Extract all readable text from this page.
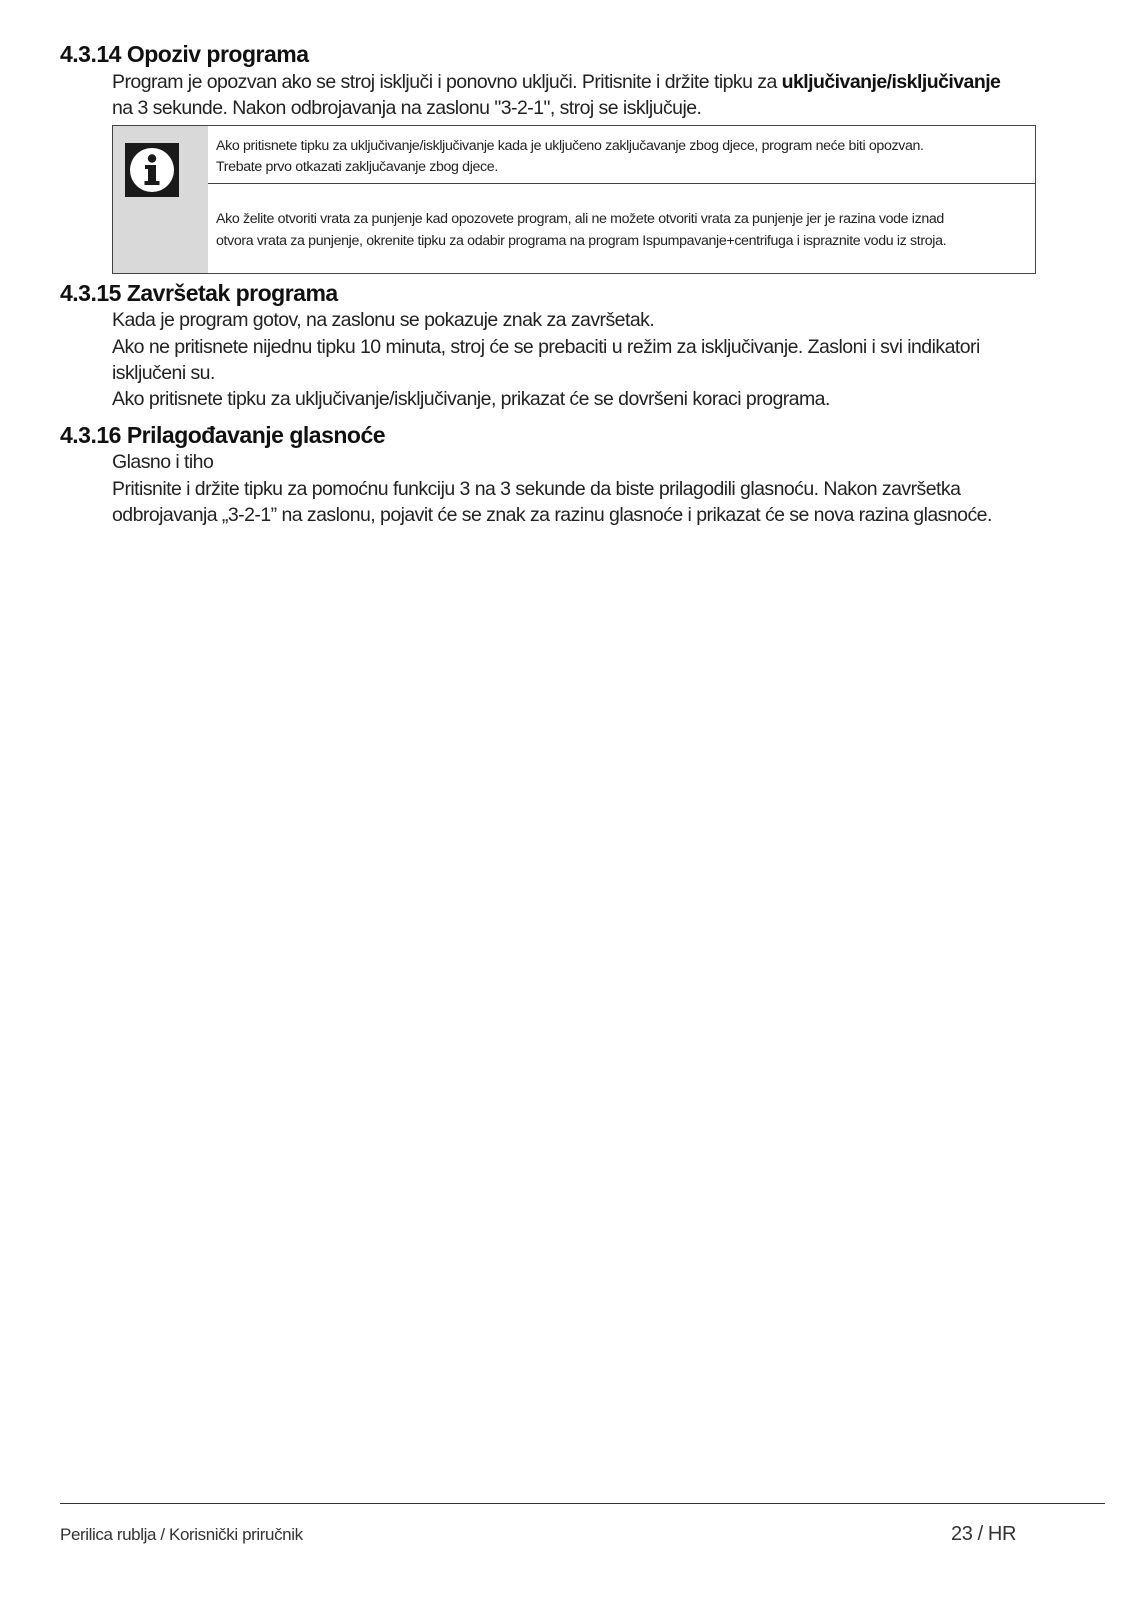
4.3.14 Opoziv programa

Program je opozvan ako se stroj isključi i ponovno uključi. Pritisnite i držite tipku za uključivanje/isključivanje

na 3 sekunde. Nakon odbrojavanja na zaslonu "3-2-1", stroj se isključuje.

Ako pritisnete tipku za uključivanje/isključivanje kada je uključeno zaključavanje zbog djece, program neće biti opozvan.

Trebate prvo otkazati zaključavanje zbog djece.

Ako želite otvoriti vrata za punjenje kad opozovete program, ali ne možete otvoriti vrata za punjenje jer je razina vode iznad

otvora vrata za punjenje, okrenite tipku za odabir programa na program Ispumpavanje+centrifuga i ispraznite vodu iz stroja.

4.3.15 Završetak programa

Kada je program gotov, na zaslonu se pokazuje znak za završetak.

Ako ne pritisnete nijednu tipku 10 minuta, stroj će se prebaciti u režim za isključivanje. Zasloni i svi indikatori

isključeni su.

Ako pritisnete tipku za uključivanje/isključivanje, prikazat će se dovršeni koraci programa.

4.3.16 Prilagođavanje glasnoće

Glasno i tiho

Pritisnite i držite tipku za pomoćnu funkciju 3 na 3 sekunde da biste prilagodili glasnoću. Nakon završetka

odbrojavanja „3-2-1” na zaslonu, pojavit će se znak za razinu glasnoće i prikazat će se nova razina glasnoće.

Perilica rublja / Korisnički priručnik	23 / HR
